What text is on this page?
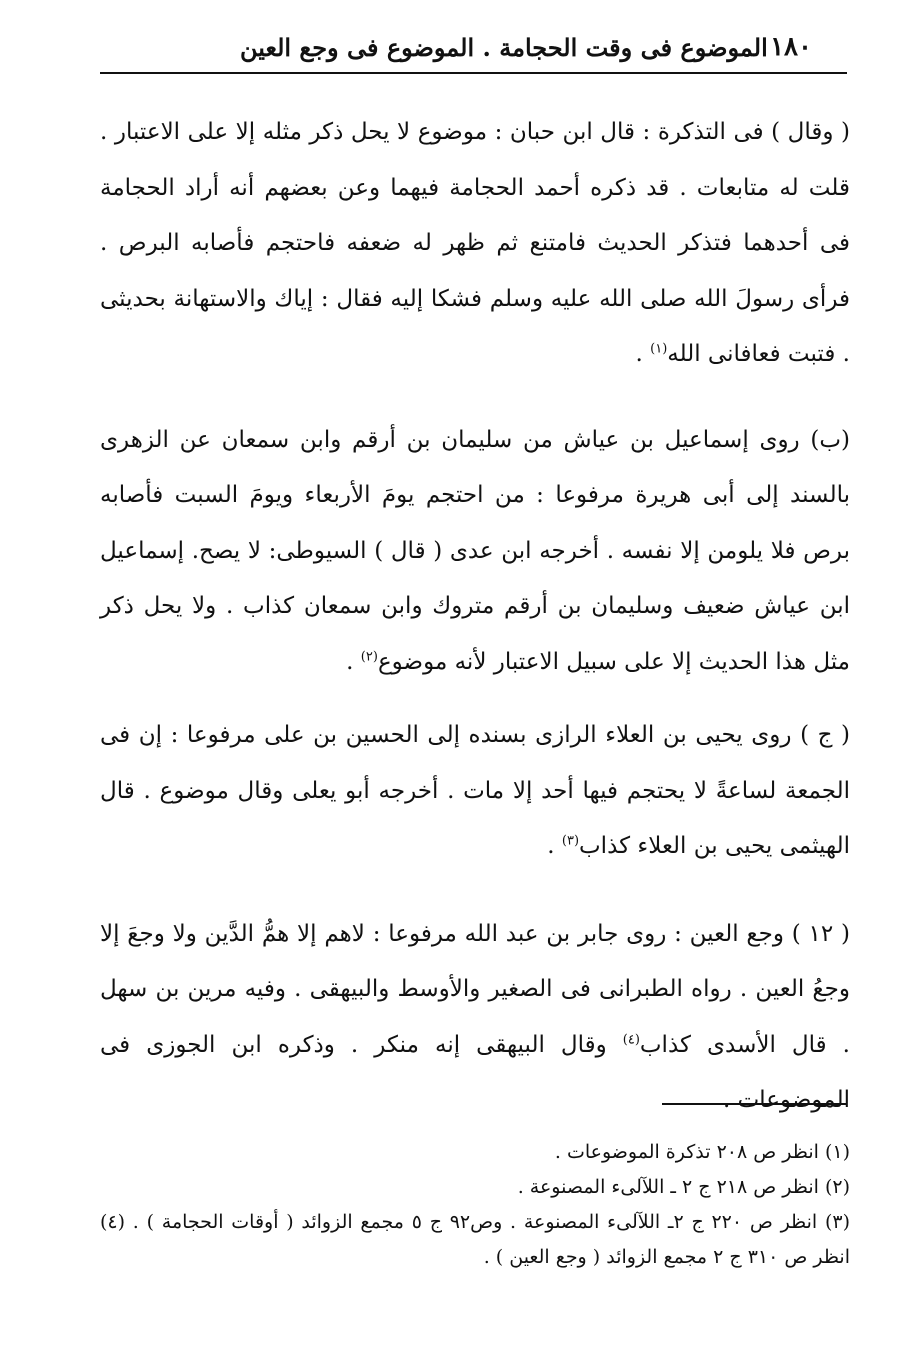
١٨٠
الموضوع فى وقت الحجامة . الموضوع فى وجع العين

( وقال ) فى التذكرة : قال ابن حبان : موضوع لا يحل ذكر مثله إلا على الاعتبار . قلت له متابعات . قد ذكره أحمد الحجامة فيهما وعن بعضهم أنه أراد الحجامة فى أحدهما فتذكر الحديث فامتنع ثم ظهر له ضعفه فاحتجم فأصابه البرص . فرأى رسولَ الله صلى الله عليه وسلم فشكا إليه فقال : إياك والاستهانة بحديثى . فتبت فعافانى الله$^{(١)}$ .

(ب) روى إسماعيل بن عياش من سليمان بن أرقم وابن سمعان عن الزهرى بالسند إلى أبى هريرة مرفوعا : من احتجم يومَ الأربعاء ويومَ السبت فأصابه برص فلا يلومن إلا نفسه . أخرجه ابن عدى ( قال ) السيوطى: لا يصح. إسماعيل ابن عياش ضعيف وسليمان بن أرقم متروك وابن سمعان كذاب . ولا يحل ذكر مثل هذا الحديث إلا على سبيل الاعتبار لأنه موضوع$^{(٢)}$ .

( ج ) روى يحيى بن العلاء الرازى بسنده إلى الحسين بن على مرفوعا : إن فى الجمعة لساعةً لا يحتجم فيها أحد إلا مات . أخرجه أبو يعلى وقال موضوع . قال الهيثمى يحيى بن العلاء كذاب$^{(٣)}$ .

( ١٢ ) وجع العين : روى جابر بن عبد الله مرفوعا : لاهم إلا همُّ الدَّين ولا وجعَ إلا وجعُ العين . رواه الطبرانى فى الصغير والأوسط والبيهقى . وفيه مرين بن سهل . قال الأسدى كذاب$^{(٤)}$ وقال البيهقى إنه منكر . وذكره ابن الجوزى فى الموضوعات .

(١) انظر ص ٢٠٨ تذكرة الموضوعات .

(٢) انظر ص ٢١٨ ج ٢ ـ اللآلىء المصنوعة .

(٣) انظر ص ٢٢٠ ج ٢ـ اللآلىء المصنوعة . وص٩٢ ج ٥ مجمع الزوائد ( أوقات الحجامة ) . (٤) انظر ص ٣١٠ ج ٢ مجمع الزوائد ( وجع العين ) .
